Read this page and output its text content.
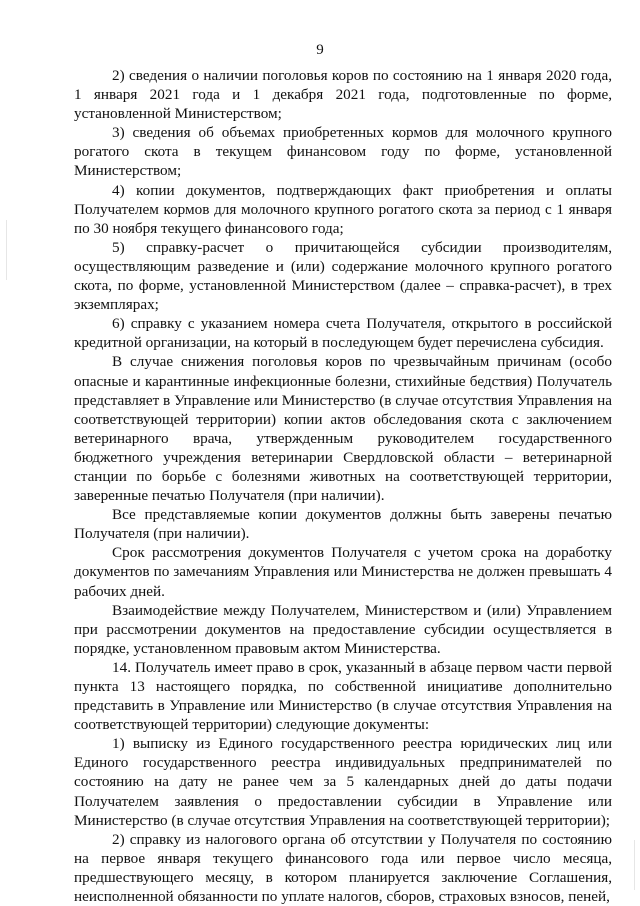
9

2) сведения о наличии поголовья коров по состоянию на 1 января 2020 года, 1 января 2021 года и 1 декабря 2021 года, подготовленные по форме, установленной Министерством;

3) сведения об объемах приобретенных кормов для молочного крупного рогатого скота в текущем финансовом году по форме, установленной Министерством;

4) копии документов, подтверждающих факт приобретения и оплаты Получателем кормов для молочного крупного рогатого скота за период с 1 января по 30 ноября текущего финансового года;

5) справку-расчет о причитающейся субсидии производителям, осуществляющим разведение и (или) содержание молочного крупного рогатого скота, по форме, установленной Министерством (далее – справка-расчет), в трех экземплярах;

6) справку с указанием номера счета Получателя, открытого в российской кредитной организации, на который в последующем будет перечислена субсидия.

В случае снижения поголовья коров по чрезвычайным причинам (особо опасные и карантинные инфекционные болезни, стихийные бедствия) Получатель представляет в Управление или Министерство (в случае отсутствия Управления на соответствующей территории) копии актов обследования скота с заключением ветеринарного врача, утвержденным руководителем государственного бюджетного учреждения ветеринарии Свердловской области – ветеринарной станции по борьбе с болезнями животных на соответствующей территории, заверенные печатью Получателя (при наличии).

Все представляемые копии документов должны быть заверены печатью Получателя (при наличии).

Срок рассмотрения документов Получателя с учетом срока на доработку документов по замечаниям Управления или Министерства не должен превышать 4 рабочих дней.

Взаимодействие между Получателем, Министерством и (или) Управлением при рассмотрении документов на предоставление субсидии осуществляется в порядке, установленном правовым актом Министерства.

14. Получатель имеет право в срок, указанный в абзаце первом части первой пункта 13 настоящего порядка, по собственной инициативе дополнительно представить в Управление или Министерство (в случае отсутствия Управления на соответствующей территории) следующие документы:

1) выписку из Единого государственного реестра юридических лиц или Единого государственного реестра индивидуальных предпринимателей по состоянию на дату не ранее чем за 5 календарных дней до даты подачи Получателем заявления о предоставлении субсидии в Управление или Министерство (в случае отсутствия Управления на соответствующей территории);

2) справку из налогового органа об отсутствии у Получателя по состоянию на первое января текущего финансового года или первое число месяца, предшествующего месяцу, в котором планируется заключение Соглашения, неисполненной обязанности по уплате налогов, сборов, страховых взносов, пеней,
